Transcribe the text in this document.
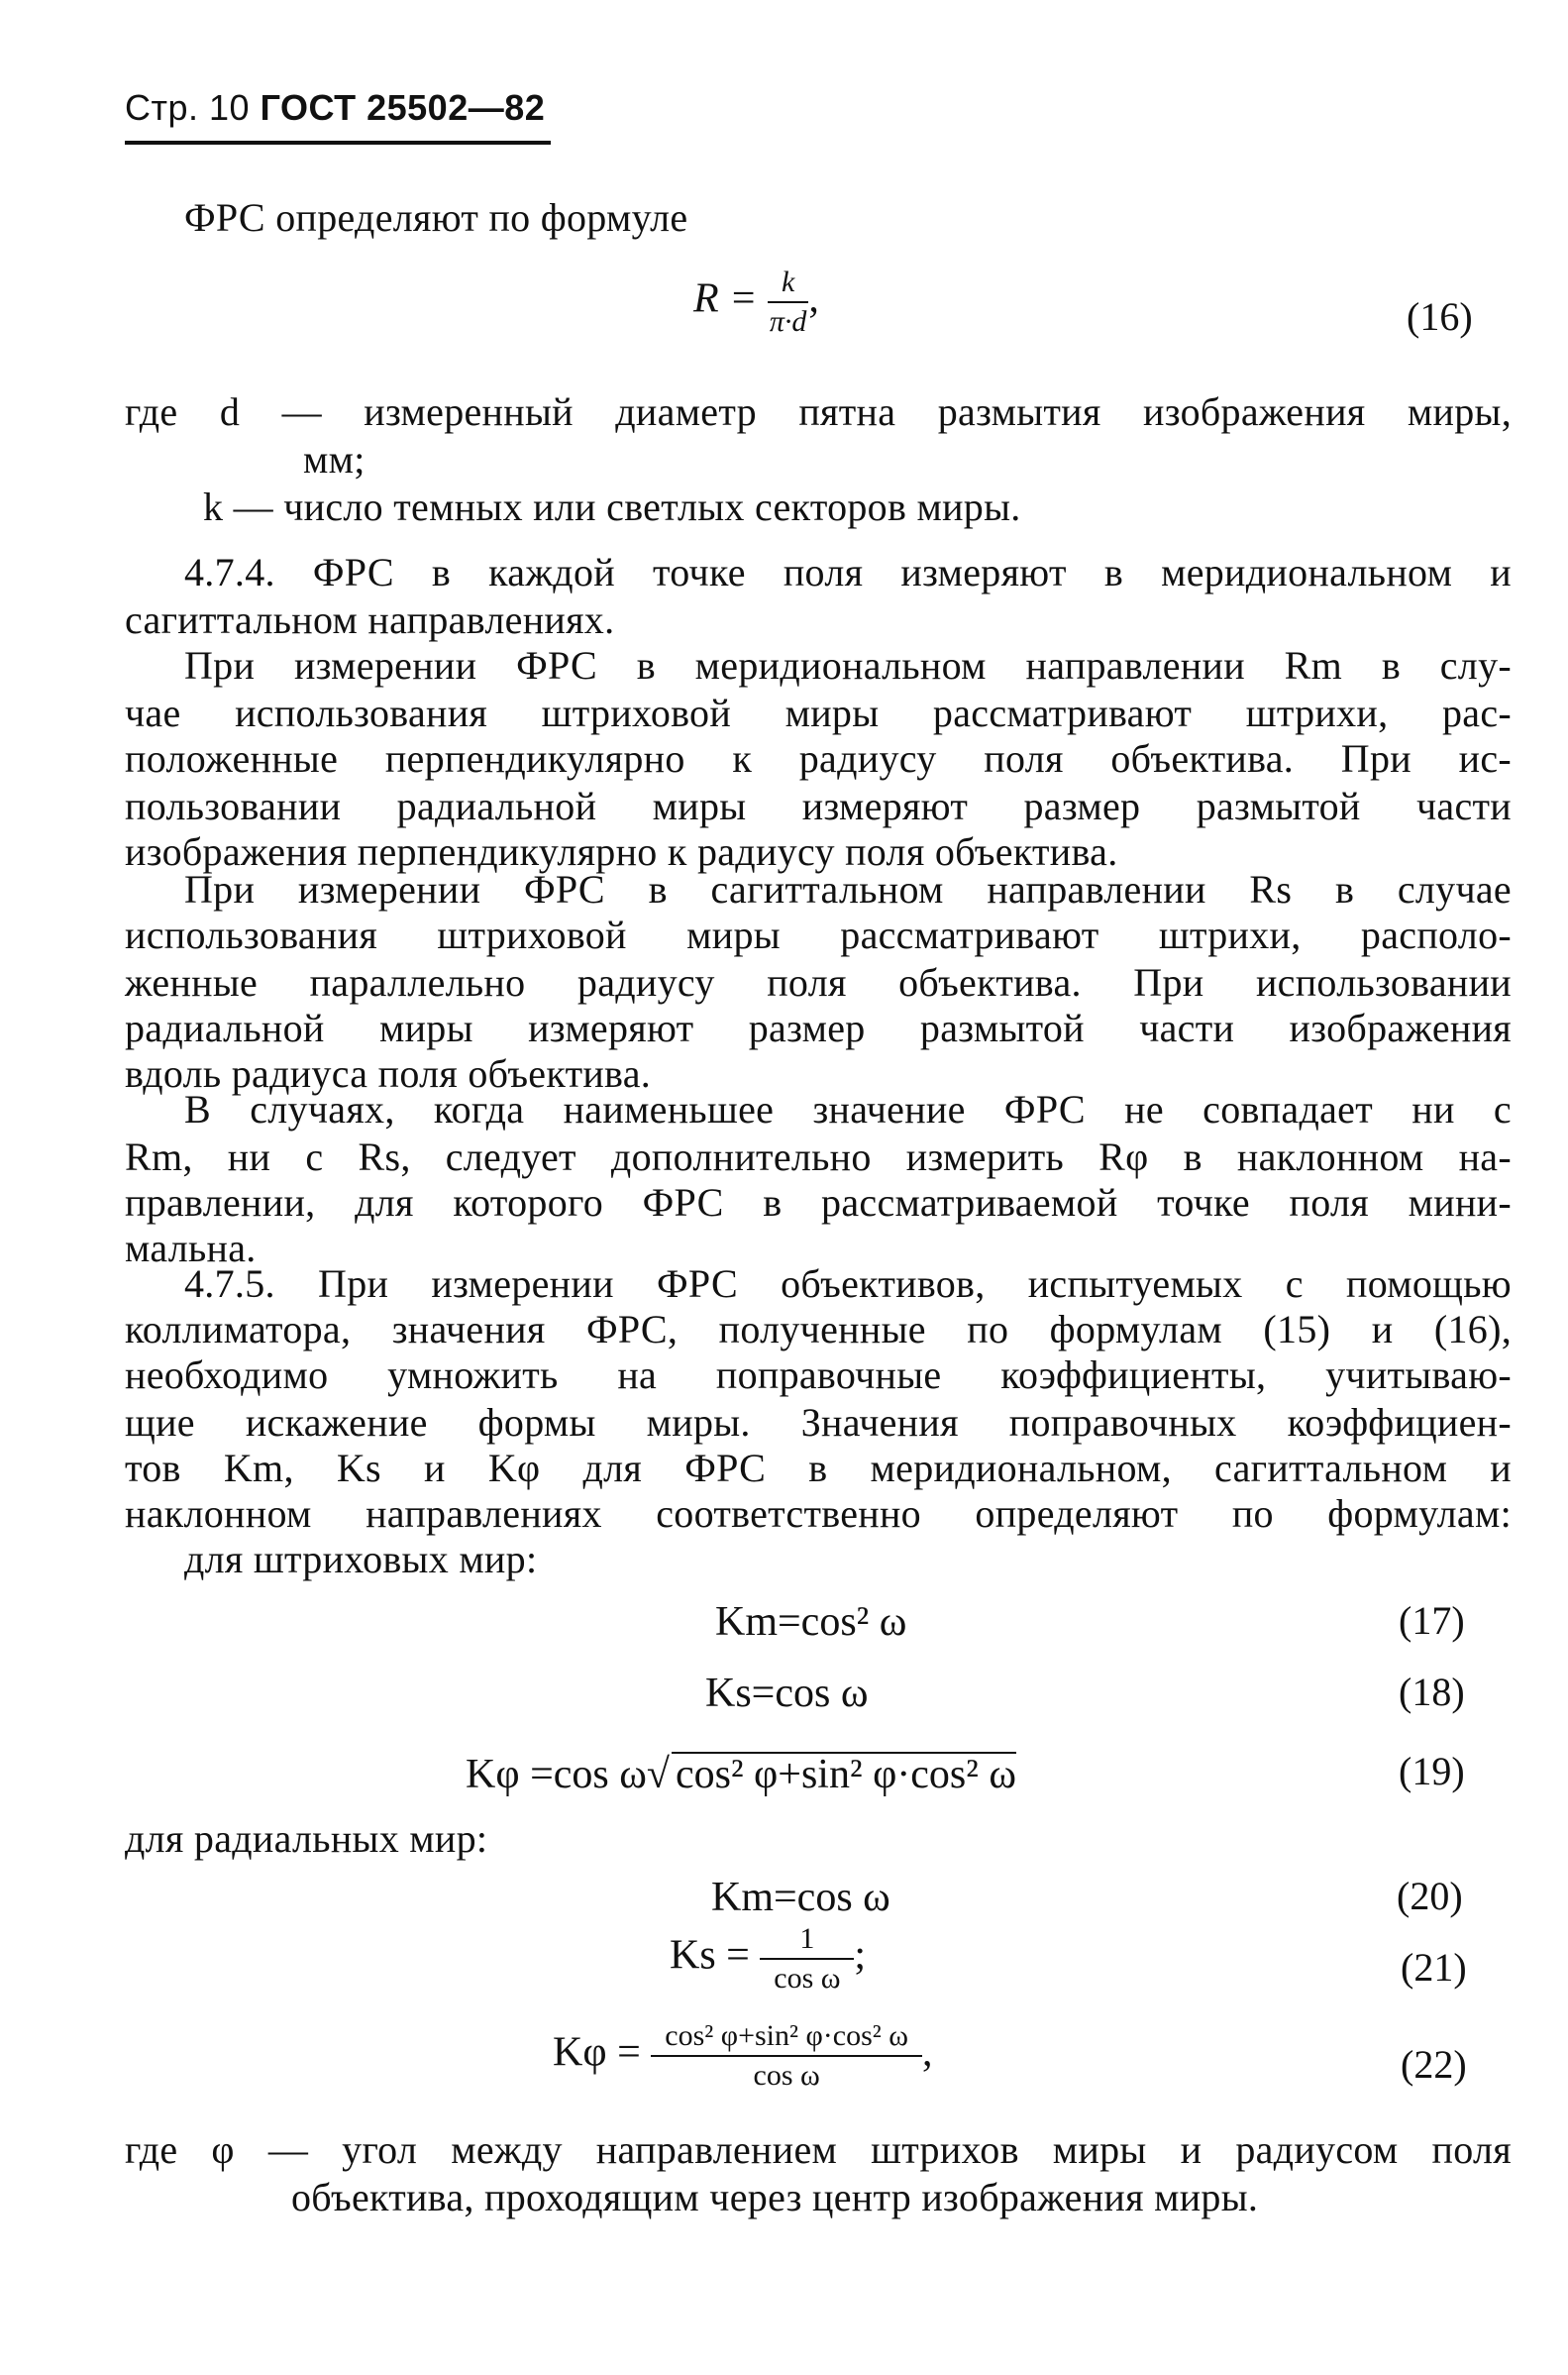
Стр. 10 ГОСТ 25502—82
ФРС определяют по формуле
$R = \frac{k}{\pi\cdot d}$ ,	(16)
где d — измеренный диаметр пятна размытия изображения миры,
мм;
k — число темных или светлых секторов миры.
4.7.4. ФРС в каждой точке поля измеряют в меридиональном и
сагиттальном направлениях.
При измерении ФРС в меридиональном направлении Rm в слу-
чае использования штриховой миры рассматривают штрихи, рас-
положенные перпендикулярно к радиусу поля объектива. При ис-
пользовании радиальной миры измеряют размер размытой части
изображения перпендикулярно к радиусу поля объектива.
При измерении ФРС в сагиттальном направлении Rs в случае
использования штриховой миры рассматривают штрихи, располо-
женные параллельно радиусу поля объектива. При использовании
радиальной миры измеряют размер размытой части изображения
вдоль радиуса поля объектива.
В случаях, когда наименьшее значение ФРС не совпадает ни с
Rm, ни с Rs, следует дополнительно измерить Rφ в наклонном на-
правлении, для которого ФРС в рассматриваемой точке поля мини-
мальна.
4.7.5. При измерении ФРС объективов, испытуемых с помощью
коллиматора, значения ФРС, полученные по формулам (15) и (16),
необходимо умножить на поправочные коэффициенты, учитываю-
щие искажение формы миры. Значения поправочных коэффициен-
тов Km, Ks и Kφ для ФРС в меридиональном, сагиттальном и
наклонном направлениях соответственно определяют по формулам:
для штриховых мир:
Km=cos² ω	(17)
Ks=cos ω	(18)
Kφ =cos ω√ cos² φ+sin² φ·cos² ω	(19)
для радиальных мир:
Km=cos ω	(20)
$Ks = \frac{1}{\text{cos ω}}$ ;	(21)
$K\varphi = \frac{\text{cos² φ+sin² φ·cos² ω}}{\text{cos ω}}$ ,	(22)
где φ — угол между направлением штрихов миры и радиусом поля
объектива, проходящим через центр изображения миры.
